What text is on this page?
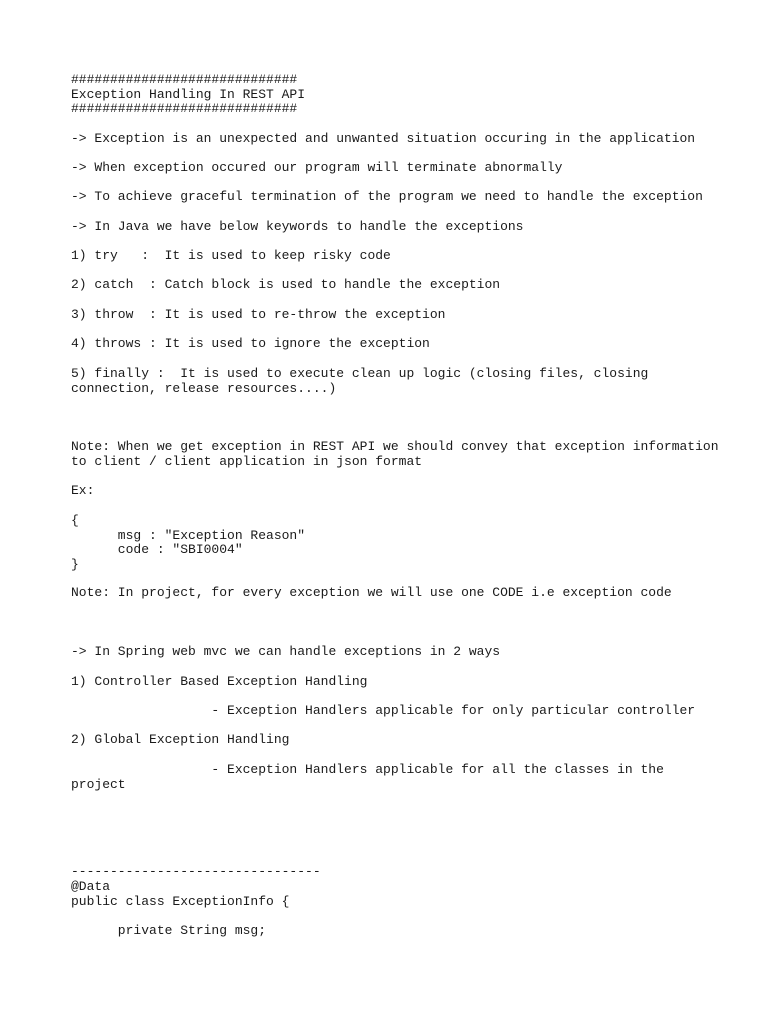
#############################

Exception Handling In REST API

#############################

-> Exception is an unexpected and unwanted situation occuring in the application

-> When exception occured our program will terminate abnormally

-> To achieve graceful termination of the program we need to handle the exception

-> In Java we have below keywords to handle the exceptions

1) try   :  It is used to keep risky code

2) catch  : Catch block is used to handle the exception

3) throw  : It is used to re-throw the exception

4) throws : It is used to ignore the exception

5) finally :  It is used to execute clean up logic (closing files, closing

connection, release resources....)

Note: When we get exception in REST API we should convey that exception information

to client / client application in json format

Ex:

{

msg : "Exception Reason"

code : "SBI0004"

}

Note: In project, for every exception we will use one CODE i.e exception code

-> In Spring web mvc we can handle exceptions in 2 ways

1) Controller Based Exception Handling

- Exception Handlers applicable for only particular controller

2) Global Exception Handling

- Exception Handlers applicable for all the classes in the

project

--------------------------------

@Data

public class ExceptionInfo {

private String msg;
